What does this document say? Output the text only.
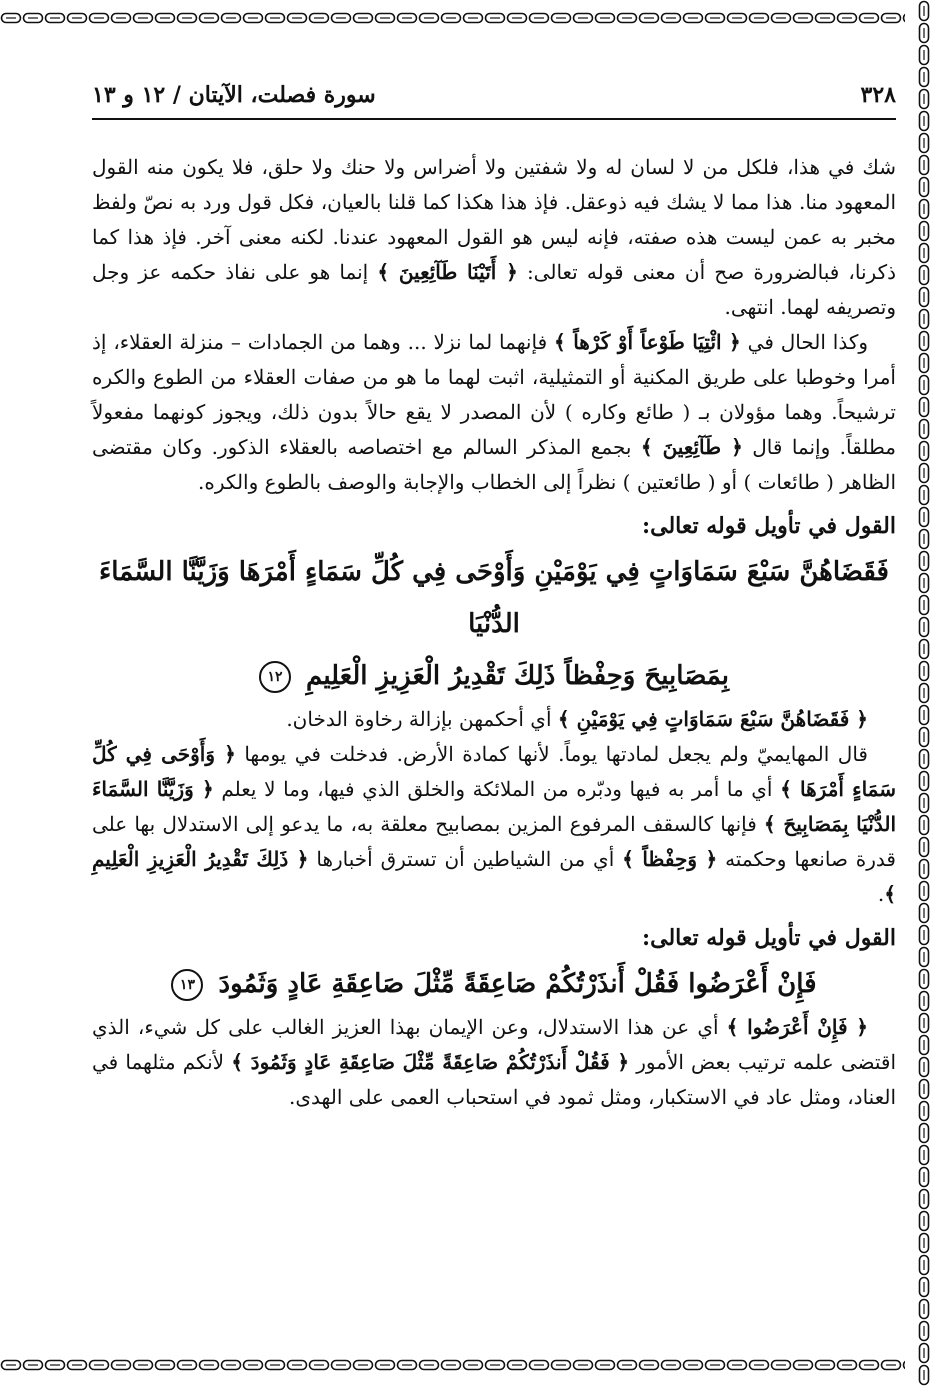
٣٢٨
سورة فصلت، الآيتان / ١٢ و ١٣

شك في هذا، فلكل من لا لسان له ولا شفتين ولا أضراس ولا حنك ولا حلق، فلا يكون منه القول المعهود منا. هذا مما لا يشك فيه ذوعقل. فإذ هذا هكذا كما قلنا بالعيان، فكل قول ورد به نصّ ولفظ مخبر به عمن ليست هذه صفته، فإنه ليس هو القول المعهود عندنا. لكنه معنى آخر. فإذ هذا كما ذكرنا، فبالضرورة صح أن معنى قوله تعالى: ﴿ أَتَيْنَا طَآئِعِينَ ﴾ إنما هو على نفاذ حكمه عز وجل وتصريفه لهما. انتهى.

وكذا الحال في ﴿ ائْتِيَا طَوْعاً أَوْ كَرْهاً ﴾ فإنهما لما نزلا ... وهما من الجمادات – منزلة العقلاء، إذ أمرا وخوطبا على طريق المكنية أو التمثيلية، اثبت لهما ما هو من صفات العقلاء من الطوع والكره ترشيحاً. وهما مؤولان بـ ( طائع وكاره ) لأن المصدر لا يقع حالاً بدون ذلك، ويجوز كونهما مفعولاً مطلقاً. وإنما قال ﴿ طَآئِعِينَ ﴾ بجمع المذكر السالم مع اختصاصه بالعقلاء الذكور. وكان مقتضى الظاهر ( طائعات ) أو ( طائعتين ) نظراً إلى الخطاب والإجابة والوصف بالطوع والكره.

القول في تأويل قوله تعالى:

فَقَضَاهُنَّ سَبْعَ سَمَاوَاتٍ فِي يَوْمَيْنِ وَأَوْحَى فِي كُلِّ سَمَاءٍ أَمْرَهَا وَزَيَّنَّا السَّمَاءَ الدُّنْيَا

بِمَصَابِيحَ وَحِفْظاً ذَلِكَ تَقْدِيرُ الْعَزِيزِ الْعَلِيمِ ١٢

﴿ فَقَضَاهُنَّ سَبْعَ سَمَاوَاتٍ فِي يَوْمَيْنِ ﴾ أي أحكمهن بإزالة رخاوة الدخان.

قال المهايميّ ولم يجعل لمادتها يوماً. لأنها كمادة الأرض. فدخلت في يومها ﴿ وَأَوْحَى فِي كُلِّ سَمَاءٍ أَمْرَهَا ﴾ أي ما أمر به فيها ودبّره من الملائكة والخلق الذي فيها، وما لا يعلم ﴿ وَزَيَّنَّا السَّمَاءَ الدُّنْيَا بِمَصَابِيحَ ﴾ فإنها كالسقف المرفوع المزين بمصابيح معلقة به، ما يدعو إلى الاستدلال بها على قدرة صانعها وحكمته ﴿ وَحِفْظاً ﴾ أي من الشياطين أن تسترق أخبارها ﴿ ذَلِكَ تَقْدِيرُ الْعَزِيزِ الْعَلِيمِ ﴾.

القول في تأويل قوله تعالى:

فَإِنْ أَعْرَضُوا فَقُلْ أَنذَرْتُكُمْ صَاعِقَةً مِّثْلَ صَاعِقَةِ عَادٍ وَثَمُودَ ١٣

﴿ فَإِنْ أَعْرَضُوا ﴾ أي عن هذا الاستدلال، وعن الإيمان بهذا العزيز الغالب على كل شيء، الذي اقتضى علمه ترتيب بعض الأمور ﴿ فَقُلْ أَنذَرْتُكُمْ صَاعِقَةً مِّثْلَ صَاعِقَةِ عَادٍ وَثَمُودَ ﴾ لأنكم مثلهما في العناد، ومثل عاد في الاستكبار، ومثل ثمود في استحباب العمى على الهدى.
